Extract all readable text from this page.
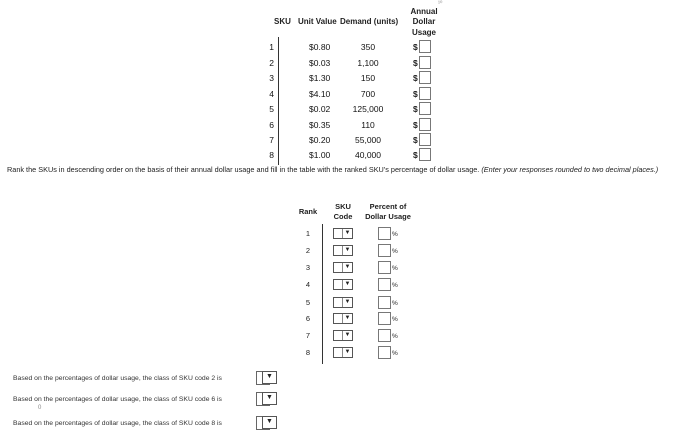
SKU Unit Value Demand (units)
Annual
Dollar
Usage
¹⁰
1	$0.80	350	$
2	$0.03	1,100	$
3	$1.30	150	$
4	$4.10	700	$
5	$0.02	125,000	$
6	$0.35	110	$
7	$0.20	55,000	$
8	$1.00	40,000	$
Rank the SKUs in descending order on the basis of their annual dollar usage and fill in the table with the ranked SKU's percentage of dollar usage. (Enter your responses rounded to two decimal places.)
Rank
SKU
Code
Percent of
Dollar Usage
1	▼	%
2	▼	%
3	▼	%
4	▼	%
5	▼	%
6	▼	%
7	▼	%
8	▼	%
Based on the percentages of dollar usage, the class of SKU code 2 is	▼
Based on the percentages of dollar usage, the class of SKU code 6 is	▼
0
Based on the percentages of dollar usage, the class of SKU code 8 is	▼
